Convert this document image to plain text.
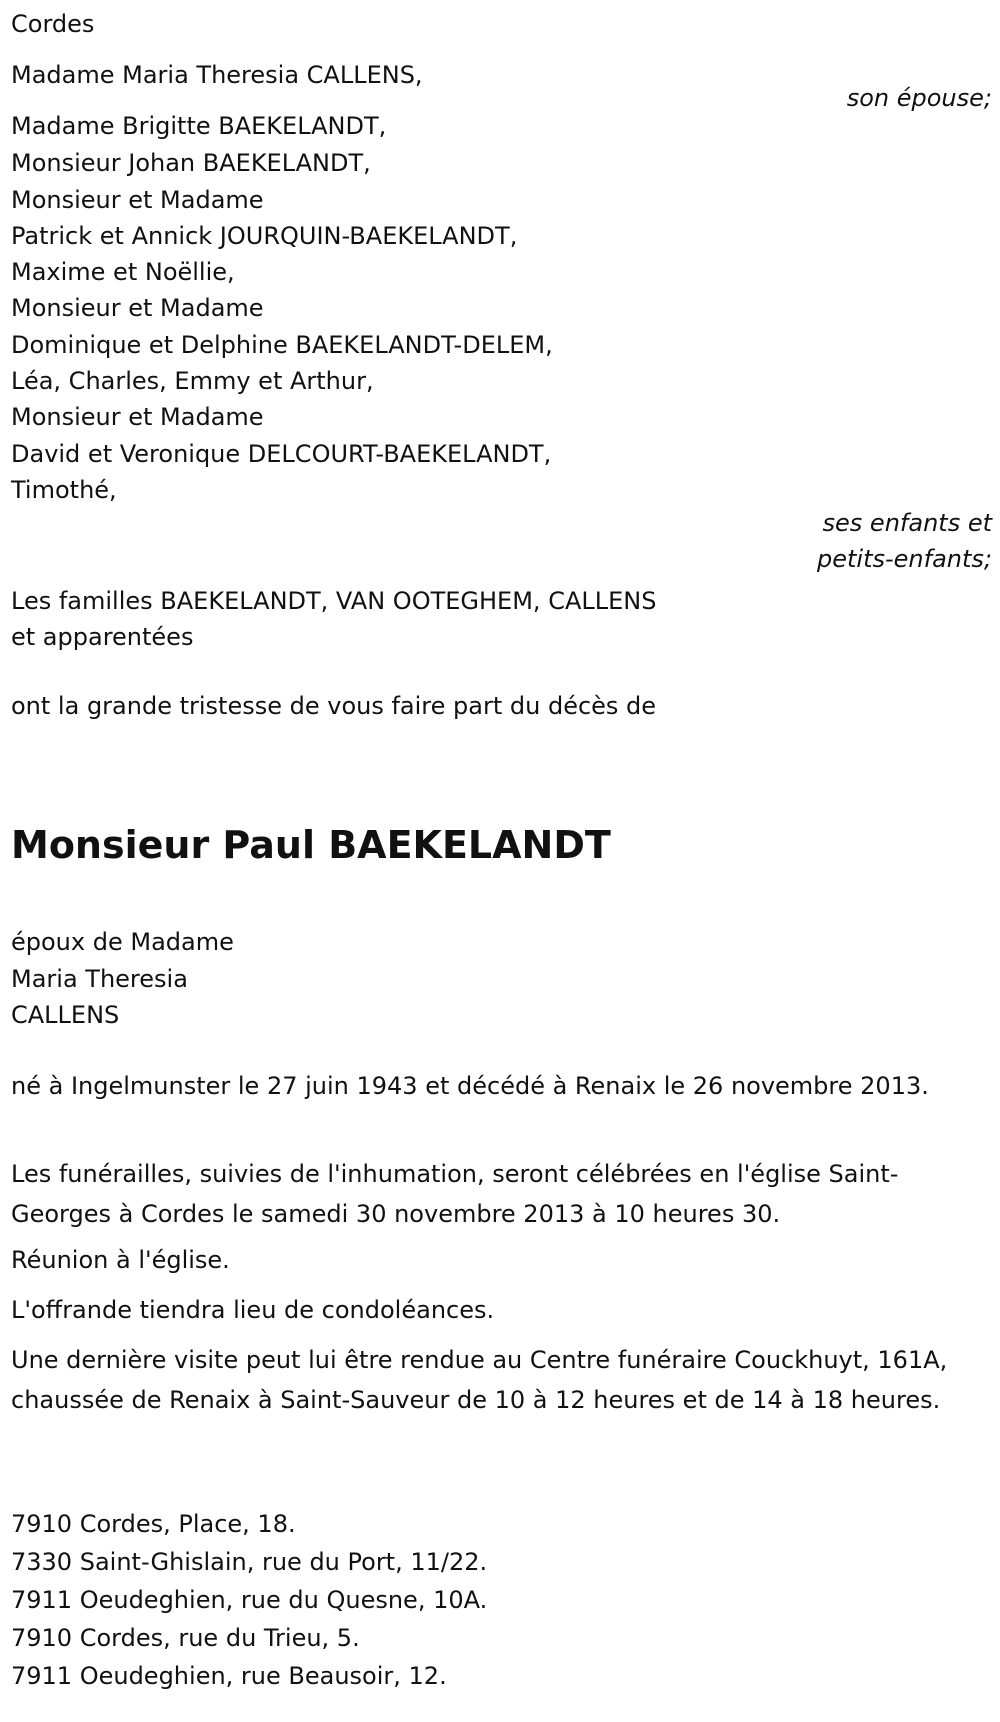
Cordes
Madame Maria Theresia CALLENS,
son épouse;
Madame Brigitte BAEKELANDT,
Monsieur Johan BAEKELANDT,
Monsieur et Madame
Patrick et Annick JOURQUIN-BAEKELANDT,
Maxime et Noëllie,
Monsieur et Madame
Dominique et Delphine BAEKELANDT-DELEM,
Léa, Charles, Emmy et Arthur,
Monsieur et Madame
David et Veronique DELCOURT-BAEKELANDT,
Timothé,
ses enfants et
petits-enfants;
Les familles BAEKELANDT, VAN OOTEGHEM, CALLENS
et apparentées
ont la grande tristesse de vous faire part du décès de
Monsieur Paul BAEKELANDT
époux de Madame
Maria Theresia
CALLENS
né à Ingelmunster le 27 juin 1943 et décédé à Renaix le 26 novembre 2013.
Les funérailles, suivies de l'inhumation, seront célébrées en l'église Saint-Georges à Cordes le samedi 30 novembre 2013 à 10 heures 30.
Réunion à l'église.
L'offrande tiendra lieu de condoléances.
Une dernière visite peut lui être rendue au Centre funéraire Couckhuyt, 161A, chaussée de Renaix à Saint-Sauveur de 10 à 12 heures et de 14 à 18 heures.
7910 Cordes, Place, 18.
7330 Saint-Ghislain, rue du Port, 11/22.
7911 Oeudeghien, rue du Quesne, 10A.
7910 Cordes, rue du Trieu, 5.
7911 Oeudeghien, rue Beausoir, 12.
